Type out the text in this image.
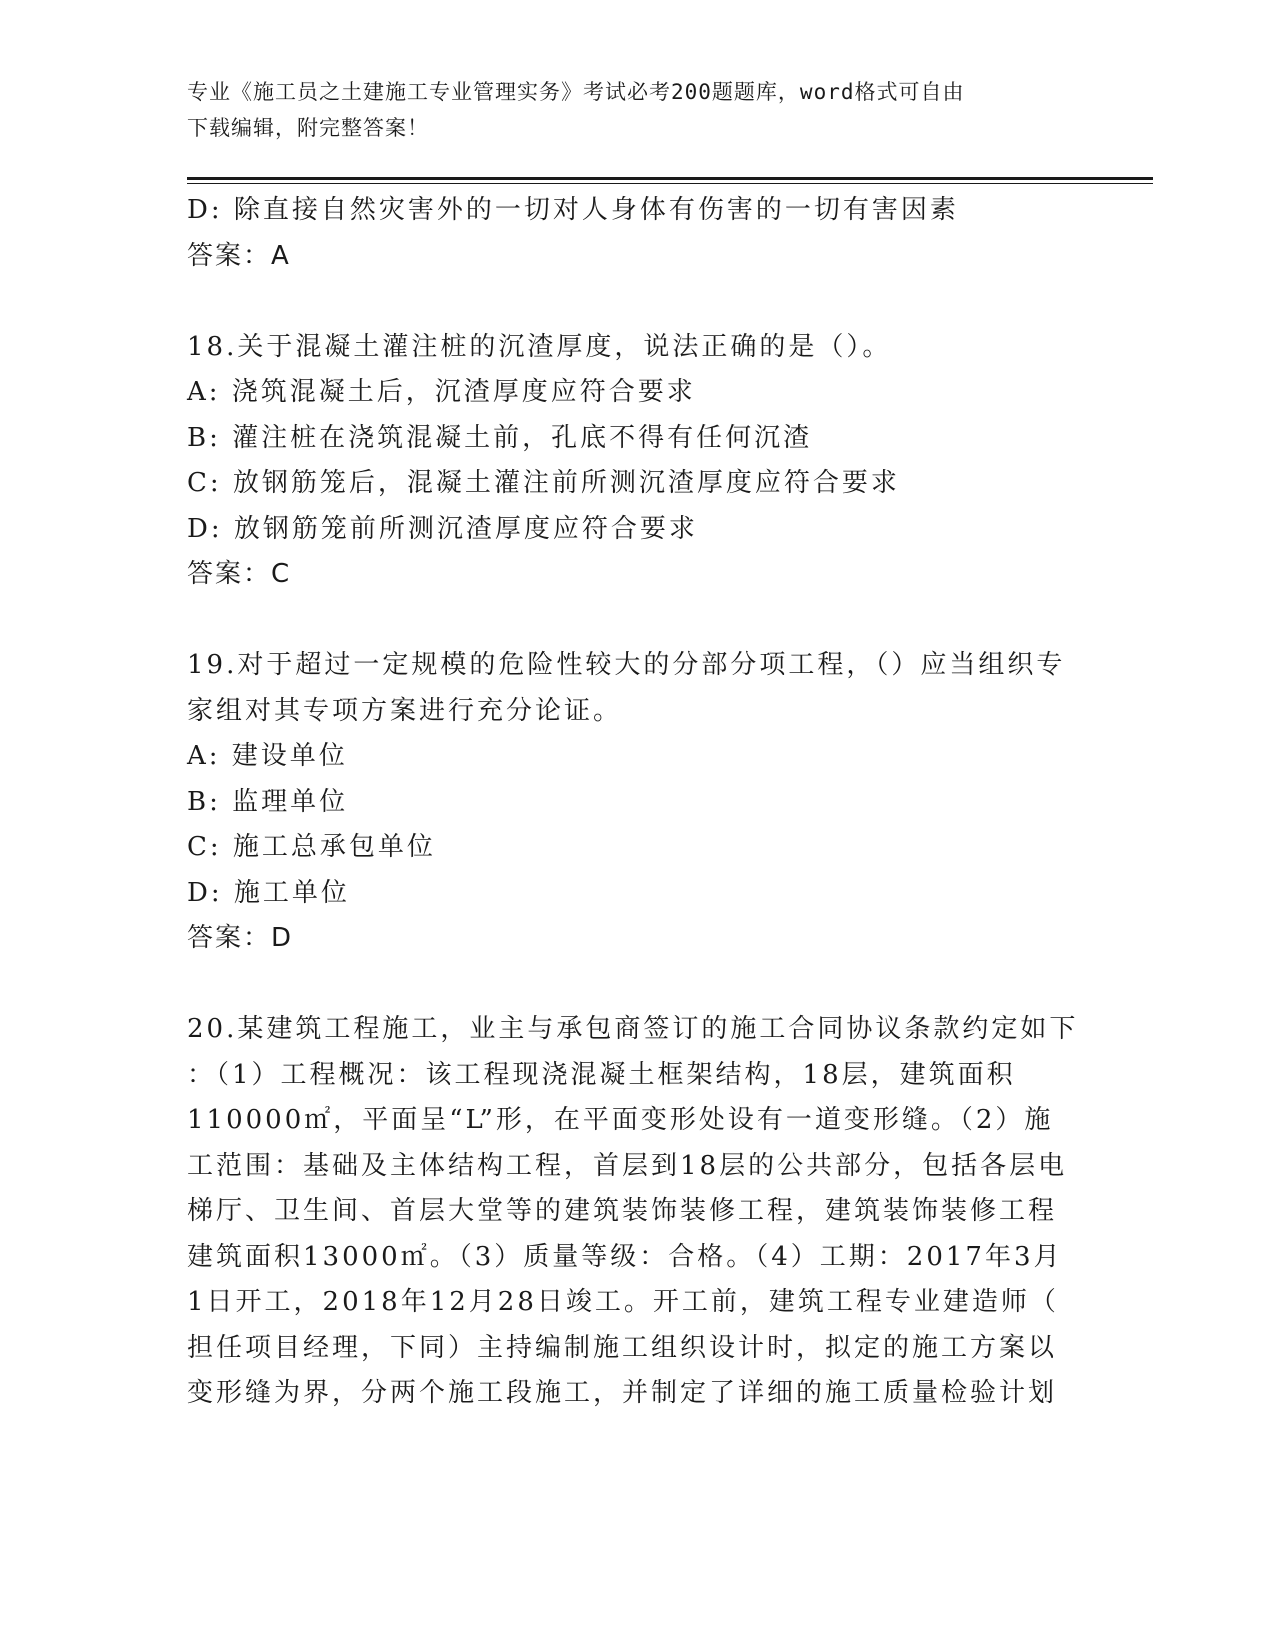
专业《施工员之土建施工专业管理实务》考试必考200题题库，word格式可自由
下载编辑，附完整答案！
D: 除直接自然灾害外的一切对人身体有伤害的一切有害因素
答案：A
18.关于混凝土灌注桩的沉渣厚度，说法正确的是（）。
A: 浇筑混凝土后，沉渣厚度应符合要求
B: 灌注桩在浇筑混凝土前，孔底不得有任何沉渣
C: 放钢筋笼后，混凝土灌注前所测沉渣厚度应符合要求
D: 放钢筋笼前所测沉渣厚度应符合要求
答案：C
19.对于超过一定规模的危险性较大的分部分项工程，（）应当组织专
家组对其专项方案进行充分论证。
A: 建设单位
B: 监理单位
C: 施工总承包单位
D: 施工单位
答案：D
20.某建筑工程施工，业主与承包商签订的施工合同协议条款约定如下
：（1）工程概况：该工程现浇混凝土框架结构，18层，建筑面积
110000㎡，平面呈“L”形，在平面变形处设有一道变形缝。（2）施
工范围：基础及主体结构工程，首层到18层的公共部分，包括各层电
梯厅、卫生间、首层大堂等的建筑装饰装修工程，建筑装饰装修工程
建筑面积13000㎡。（3）质量等级：合格。（4）工期：2017年3月
1日开工，2018年12月28日竣工。开工前，建筑工程专业建造师（
担任项目经理，下同）主持编制施工组织设计时，拟定的施工方案以
变形缝为界，分两个施工段施工，并制定了详细的施工质量检验计划
